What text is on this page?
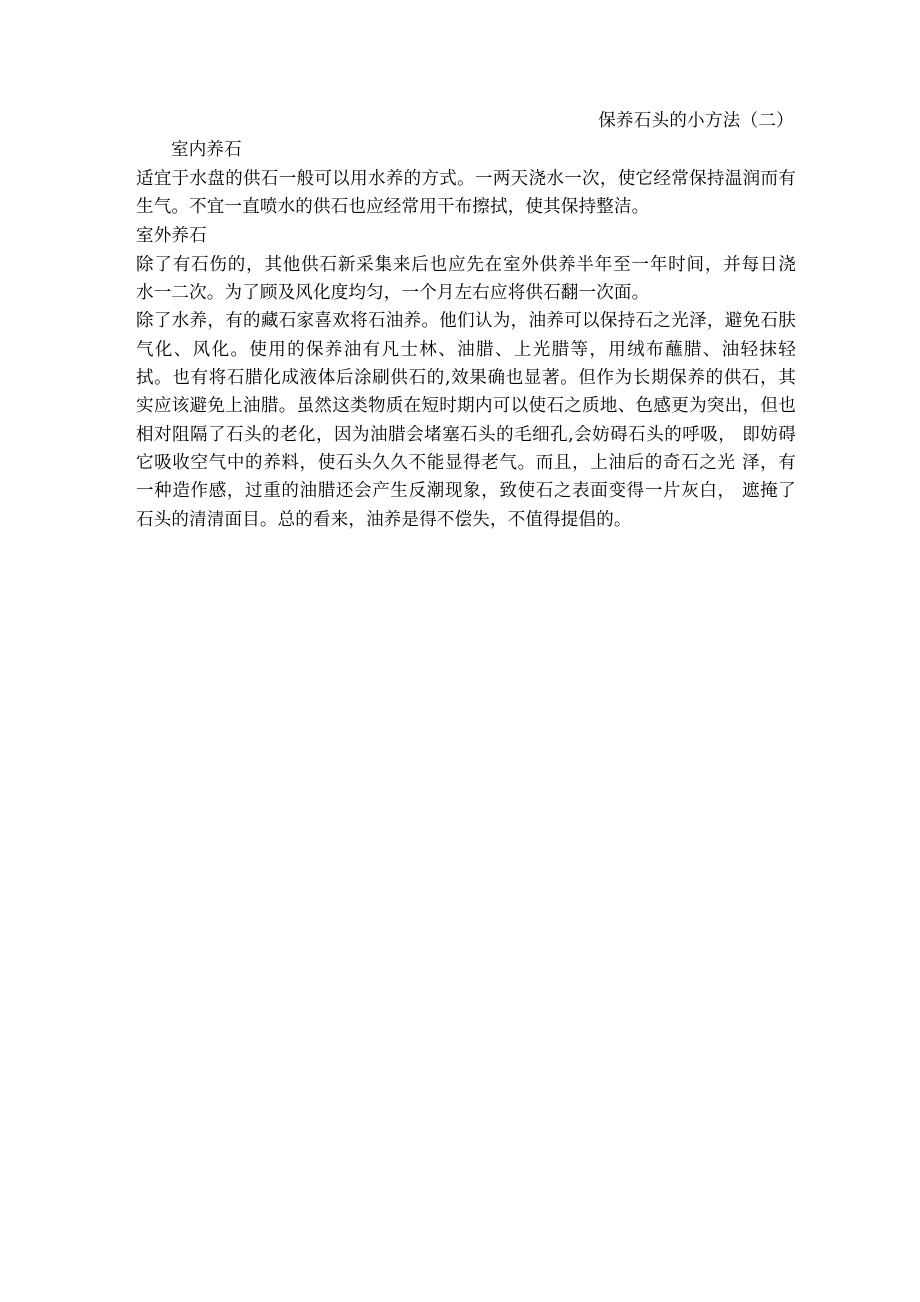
保养石头的小方法（二）
室内养石

适宜于水盘的供石一般可以用水养的方式。一两天浇水一次，使它经常保持温润而有生气。不宜一直喷水的供石也应经常用干布擦拭，使其保持整洁。

室外养石

除了有石伤的，其他供石新采集来后也应先在室外供养半年至一年时间，并每日浇 水一二次。为了顾及风化度均匀，一个月左右应将供石翻一次面。

除了水养，有的藏石家喜欢将石油养。他们认为，油养可以保持石之光泽，避免石肤 气化、风化。使用的保养油有凡士林、油腊、上光腊等，用绒布蘸腊、油轻抹轻 拭。也有将石腊化成液体后涂刷供石的,效果确也显著。但作为长期保养的供石，其实应该避免上油腊。虽然这类物质在短时期内可以使石之质地、色感更为突出，但也相对阻隔了石头的老化，因为油腊会堵塞石头的毛细孔,会妨碍石头的呼吸， 即妨碍它吸收空气中的养料，使石头久久不能显得老气。而且，上油后的奇石之光 泽，有一种造作感，过重的油腊还会产生反潮现象，致使石之表面变得一片灰白， 遮掩了石头的清清面目。总的看来，油养是得不偿失，不值得提倡的。
